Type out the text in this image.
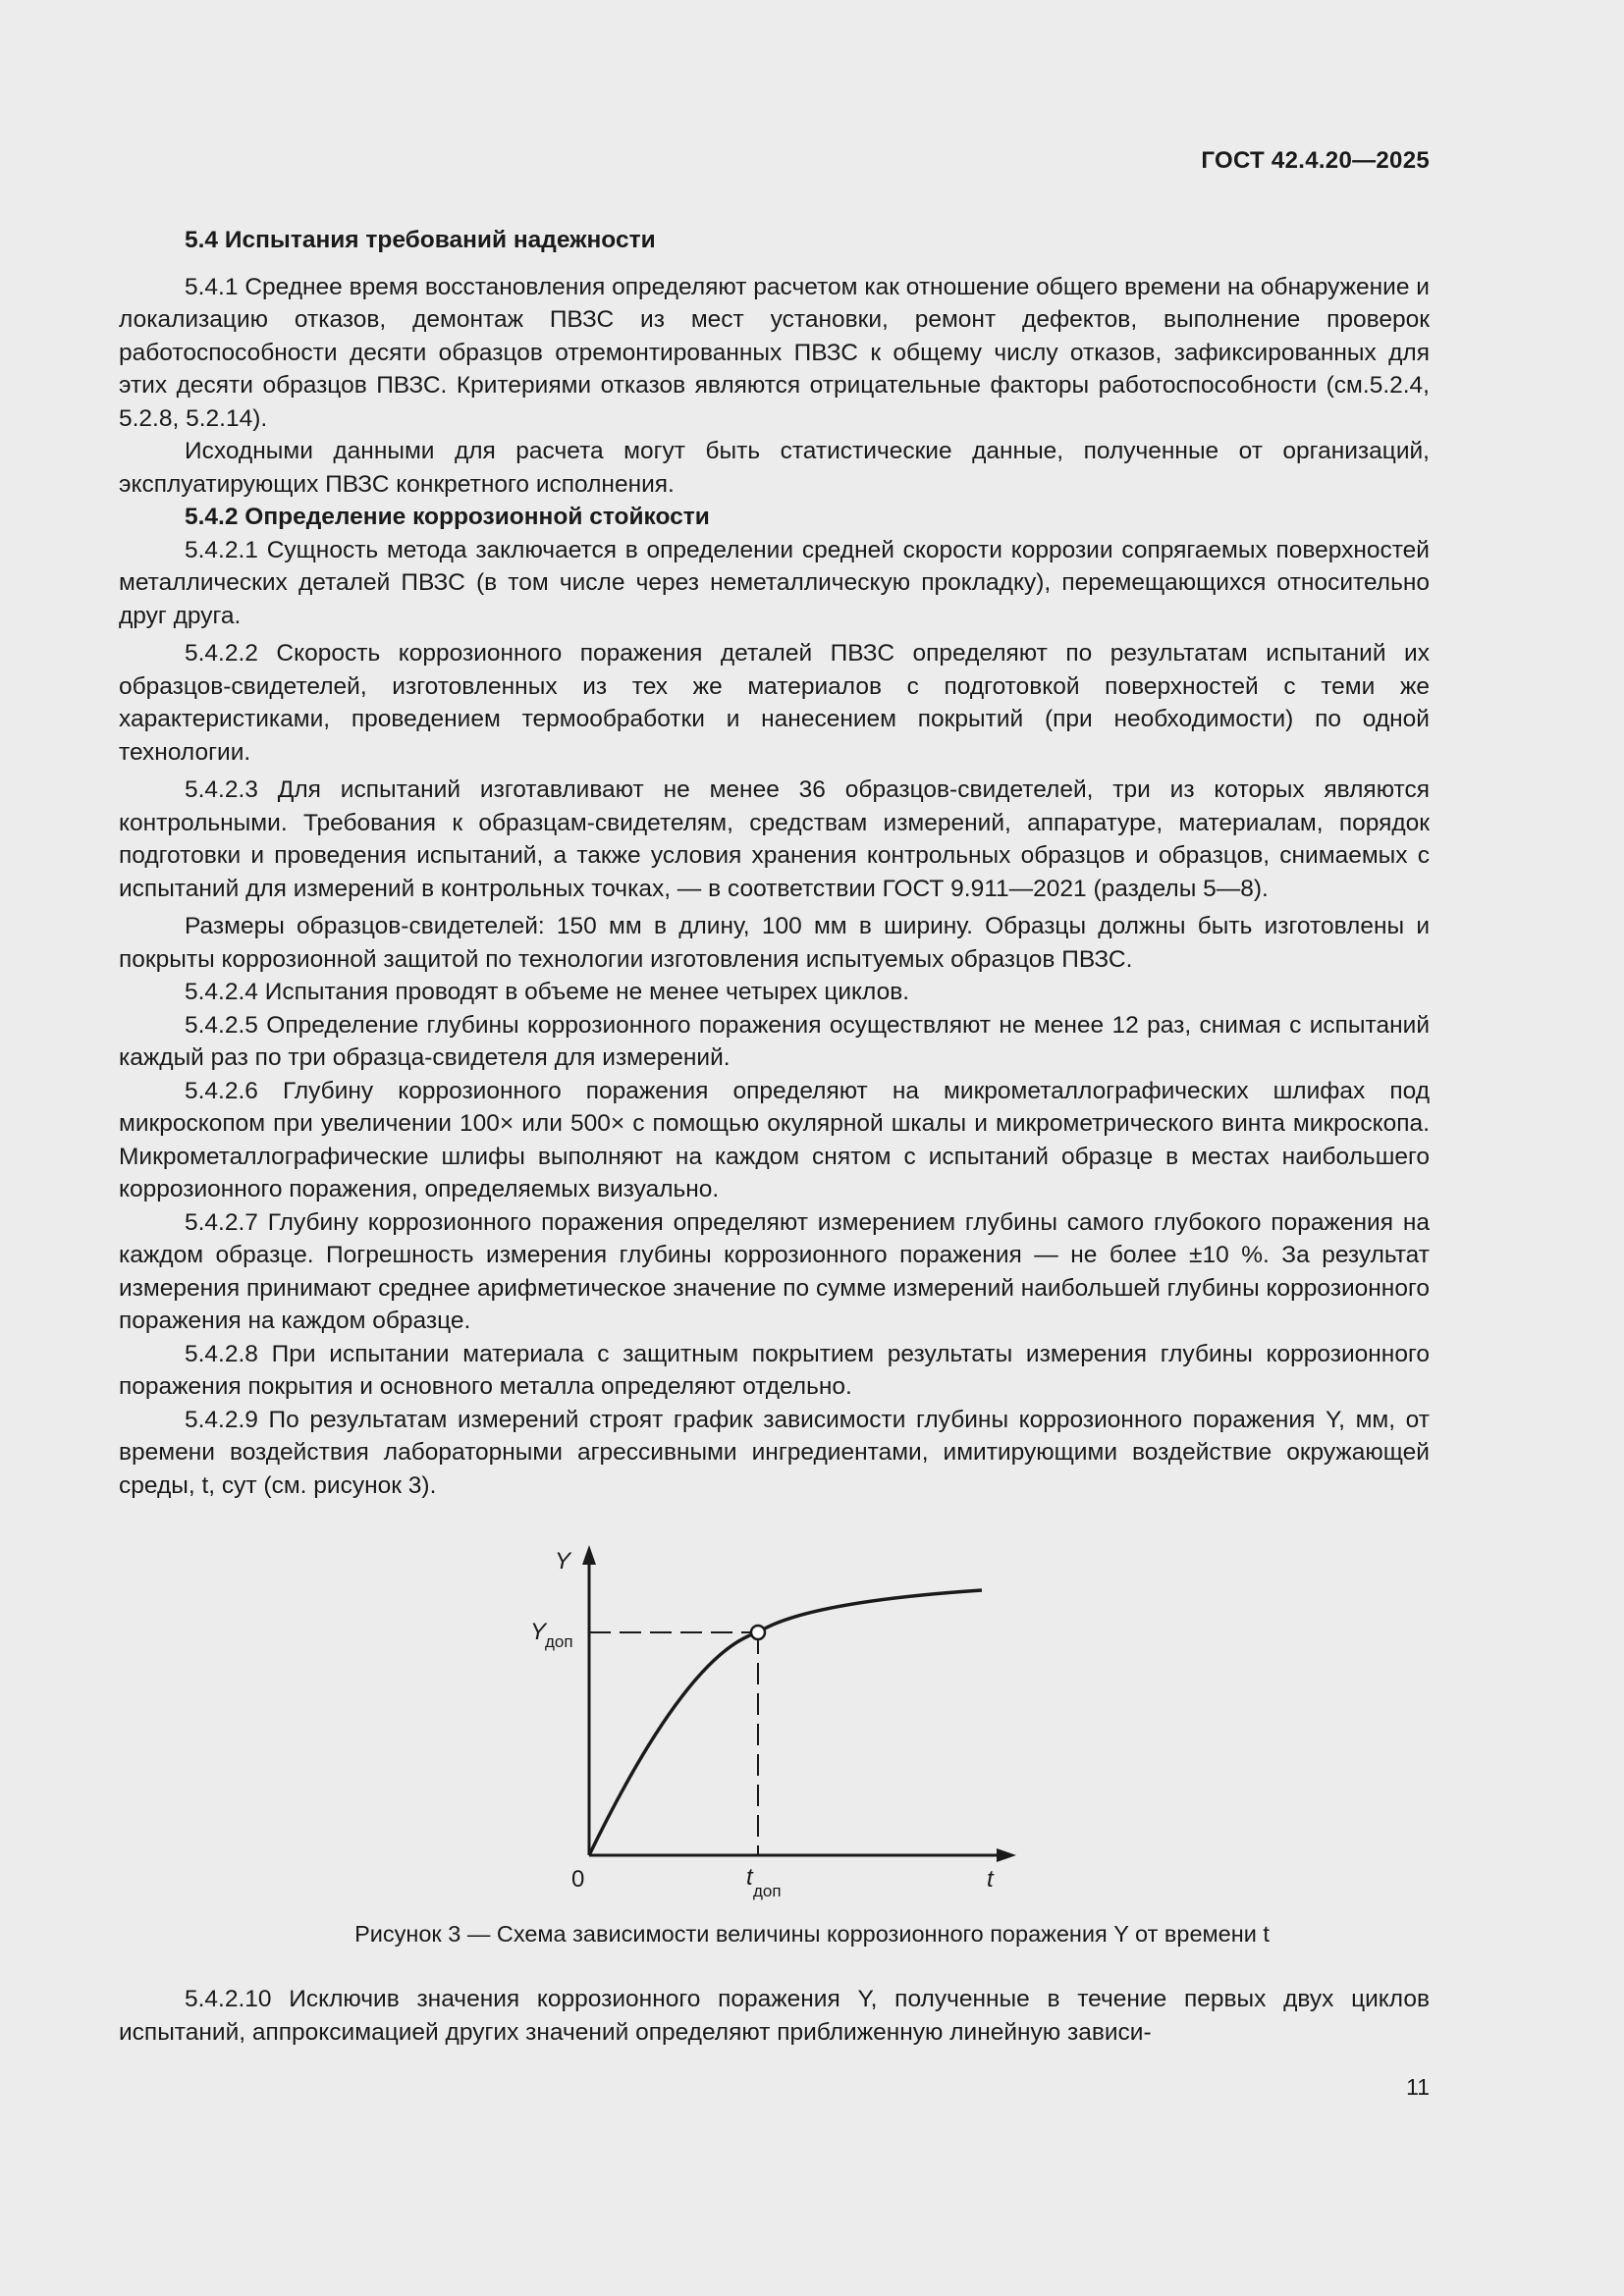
ГОСТ 42.4.20—2025

5.4 Испытания требований надежности

5.4.1 Среднее время восстановления определяют расчетом как отношение общего времени на обнаружение и локализацию отказов, демонтаж ПВЗС из мест установки, ремонт дефектов, выполнение проверок работоспособности десяти образцов отремонтированных ПВЗС к общему числу отказов, зафиксированных для этих десяти образцов ПВЗС. Критериями отказов являются отрицательные факторы работоспособности (см.5.2.4, 5.2.8, 5.2.14).

Исходными данными для расчета могут быть статистические данные, полученные от организаций, эксплуатирующих ПВЗС конкретного исполнения.

5.4.2 Определение коррозионной стойкости

5.4.2.1 Сущность метода заключается в определении средней скорости коррозии сопрягаемых поверхностей металлических деталей ПВЗС (в том числе через неметаллическую прокладку), перемещающихся относительно друг друга.

5.4.2.2 Скорость коррозионного поражения деталей ПВЗС определяют по результатам испытаний их образцов-свидетелей, изготовленных из тех же материалов с подготовкой поверхностей с теми же характеристиками, проведением термообработки и нанесением покрытий (при необходимости) по одной технологии.

5.4.2.3 Для испытаний изготавливают не менее 36 образцов-свидетелей, три из которых являются контрольными. Требования к образцам-свидетелям, средствам измерений, аппаратуре, материалам, порядок подготовки и проведения испытаний, а также условия хранения контрольных образцов и образцов, снимаемых с испытаний для измерений в контрольных точках, — в соответствии ГОСТ 9.911—2021 (разделы 5—8).

Размеры образцов-свидетелей: 150 мм в длину, 100 мм в ширину. Образцы должны быть изготовлены и покрыты коррозионной защитой по технологии изготовления испытуемых образцов ПВЗС.

5.4.2.4 Испытания проводят в объеме не менее четырех циклов.

5.4.2.5 Определение глубины коррозионного поражения осуществляют не менее 12 раз, снимая с испытаний каждый раз по три образца-свидетеля для измерений.

5.4.2.6 Глубину коррозионного поражения определяют на микрометаллографических шлифах под микроскопом при увеличении 100× или 500× с помощью окулярной шкалы и микрометрического винта микроскопа. Микрометаллографические шлифы выполняют на каждом снятом с испытаний образце в местах наибольшего коррозионного поражения, определяемых визуально.

5.4.2.7 Глубину коррозионного поражения определяют измерением глубины самого глубокого поражения на каждом образце. Погрешность измерения глубины коррозионного поражения — не более ±10 %. За результат измерения принимают среднее арифметическое значение по сумме измерений наибольшей глубины коррозионного поражения на каждом образце.

5.4.2.8 При испытании материала с защитным покрытием результаты измерения глубины коррозионного поражения покрытия и основного металла определяют отдельно.

5.4.2.9 По результатам измерений строят график зависимости глубины коррозионного поражения Y, мм, от времени воздействия лабораторными агрессивными ингредиентами, имитирующими воздействие окружающей среды, t, сут (см. рисунок 3).

Y
Y
доп
0	t
доп	t
Рисунок 3 — Схема зависимости величины коррозионного поражения Y от времени t

5.4.2.10 Исключив значения коррозионного поражения Y, полученные в течение первых двух циклов испытаний, аппроксимацией других значений определяют приближенную линейную зависи-

11
